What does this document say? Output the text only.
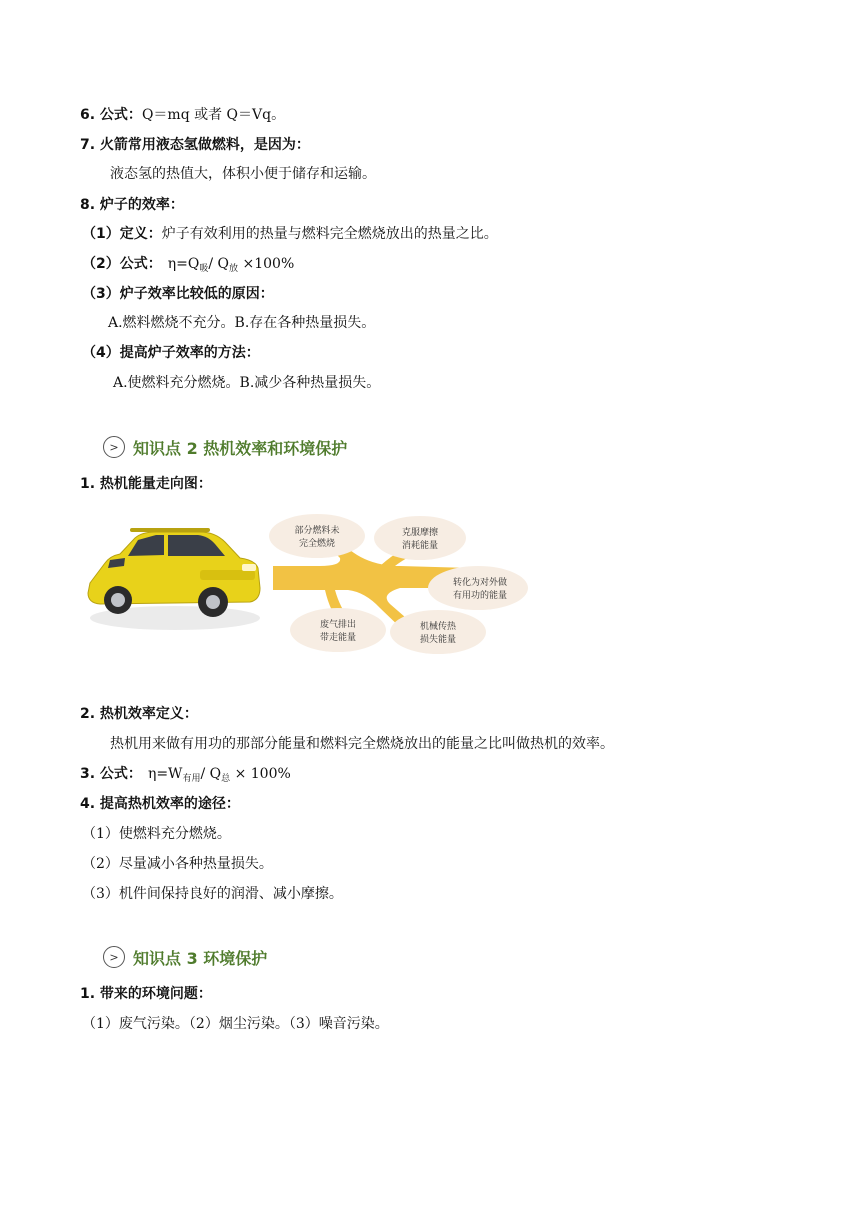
6. 公式：Q＝mq 或者 Q＝Vq。
7. 火箭常用液态氢做燃料，是因为：
液态氢的热值大，体积小便于储存和运输。
8. 炉子的效率：
（1）定义：炉子有效利用的热量与燃料完全燃烧放出的热量之比。
（2）公式： $\eta=Q_吸/$ $Q_放 \times 100\%$
（3）炉子效率比较低的原因：
A.燃料燃烧不充分。B.存在各种热量损失。
（4）提高炉子效率的方法：
A.使燃料充分燃烧。B.减少各种热量损失。
> 知识点 2 热机效率和环境保护
1. 热机能量走向图：
部分燃料未
完全燃烧
克服摩擦
消耗能量
转化为对外做
有用功的能量
废气排出
带走能量
机械传热
损失能量
2. 热机效率定义：
热机用来做有用功的那部分能量和燃料完全燃烧放出的能量之比叫做热机的效率。
3. 公式： $\eta=W_{有用}/$ $Q_总 \times 100\%$
4. 提高热机效率的途径：
（1）使燃料充分燃烧。
（2）尽量减小各种热量损失。
（3）机件间保持良好的润滑、减小摩擦。
> 知识点 3 环境保护
1. 带来的环境问题：
（1）废气污染。（2）烟尘污染。（3）噪音污染。
